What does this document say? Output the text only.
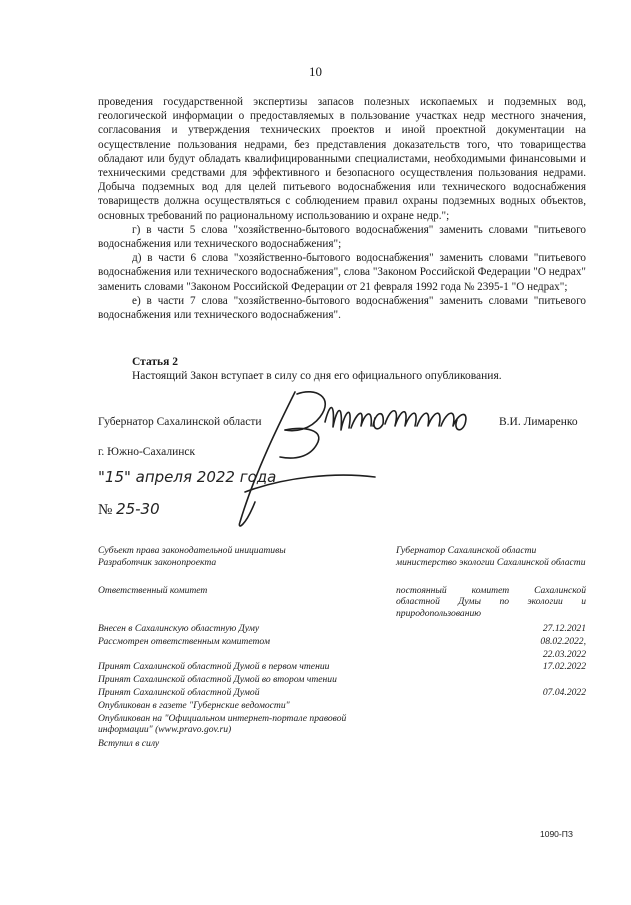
10

проведения государственной экспертизы запасов полезных ископаемых и подземных вод, геологической информации о предоставляемых в пользование участках недр местного значения, согласования и утверждения технических проектов и иной проектной документации на осуществление пользования недрами, без представления доказательств того, что товарищества обладают или будут обладать квалифицированными специалистами, необходимыми финансовыми и техническими средствами для эффективного и безопасного осуществления пользования недрами. Добыча подземных вод для целей питьевого водоснабжения или технического водоснабжения товариществ должна осуществляться с соблюдением правил охраны подземных водных объектов, основных требований по рациональному использованию и охране недр.";

г) в части 5 слова "хозяйственно-бытового водоснабжения" заменить словами "питьевого водоснабжения или технического водоснабжения";

д) в части 6 слова "хозяйственно-бытового водоснабжения" заменить словами "питьевого водоснабжения или технического водоснабжения", слова "Законом Российской Федерации "О недрах" заменить словами "Законом Российской Федерации от 21 февраля 1992 года № 2395-1 "О недрах";

е) в части 7 слова "хозяйственно-бытового водоснабжения" заменить словами "питьевого водоснабжения или технического водоснабжения".

Статья 2
Настоящий Закон вступает в силу со дня его официального опубликования.
Губернатор Сахалинской области	В.И. Лимаренко
г. Южно-Сахалинск
"15" апреля 2022 года
№ 25-30
Субъект права законодательной инициативы	Губернатор Сахалинской области
Разработчик законопроекта	министерство экологии Сахалинской области
Ответственный комитет	постоянный комитет Сахалинской областной Думы по экологии и природопользованию
Внесен в Сахалинскую областную Думу	27.12.2021
Рассмотрен ответственным комитетом	08.02.2022,
22.03.2022
Принят Сахалинской областной Думой в первом чтении	17.02.2022
Принят Сахалинской областной Думой во втором чтении
Принят Сахалинской областной Думой	07.04.2022
Опубликован в газете "Губернские ведомости"
Опубликован на "Официальном интернет-портале правовой информации" (www.pravo.gov.ru)
Вступил в силу
1090-ПЗ
